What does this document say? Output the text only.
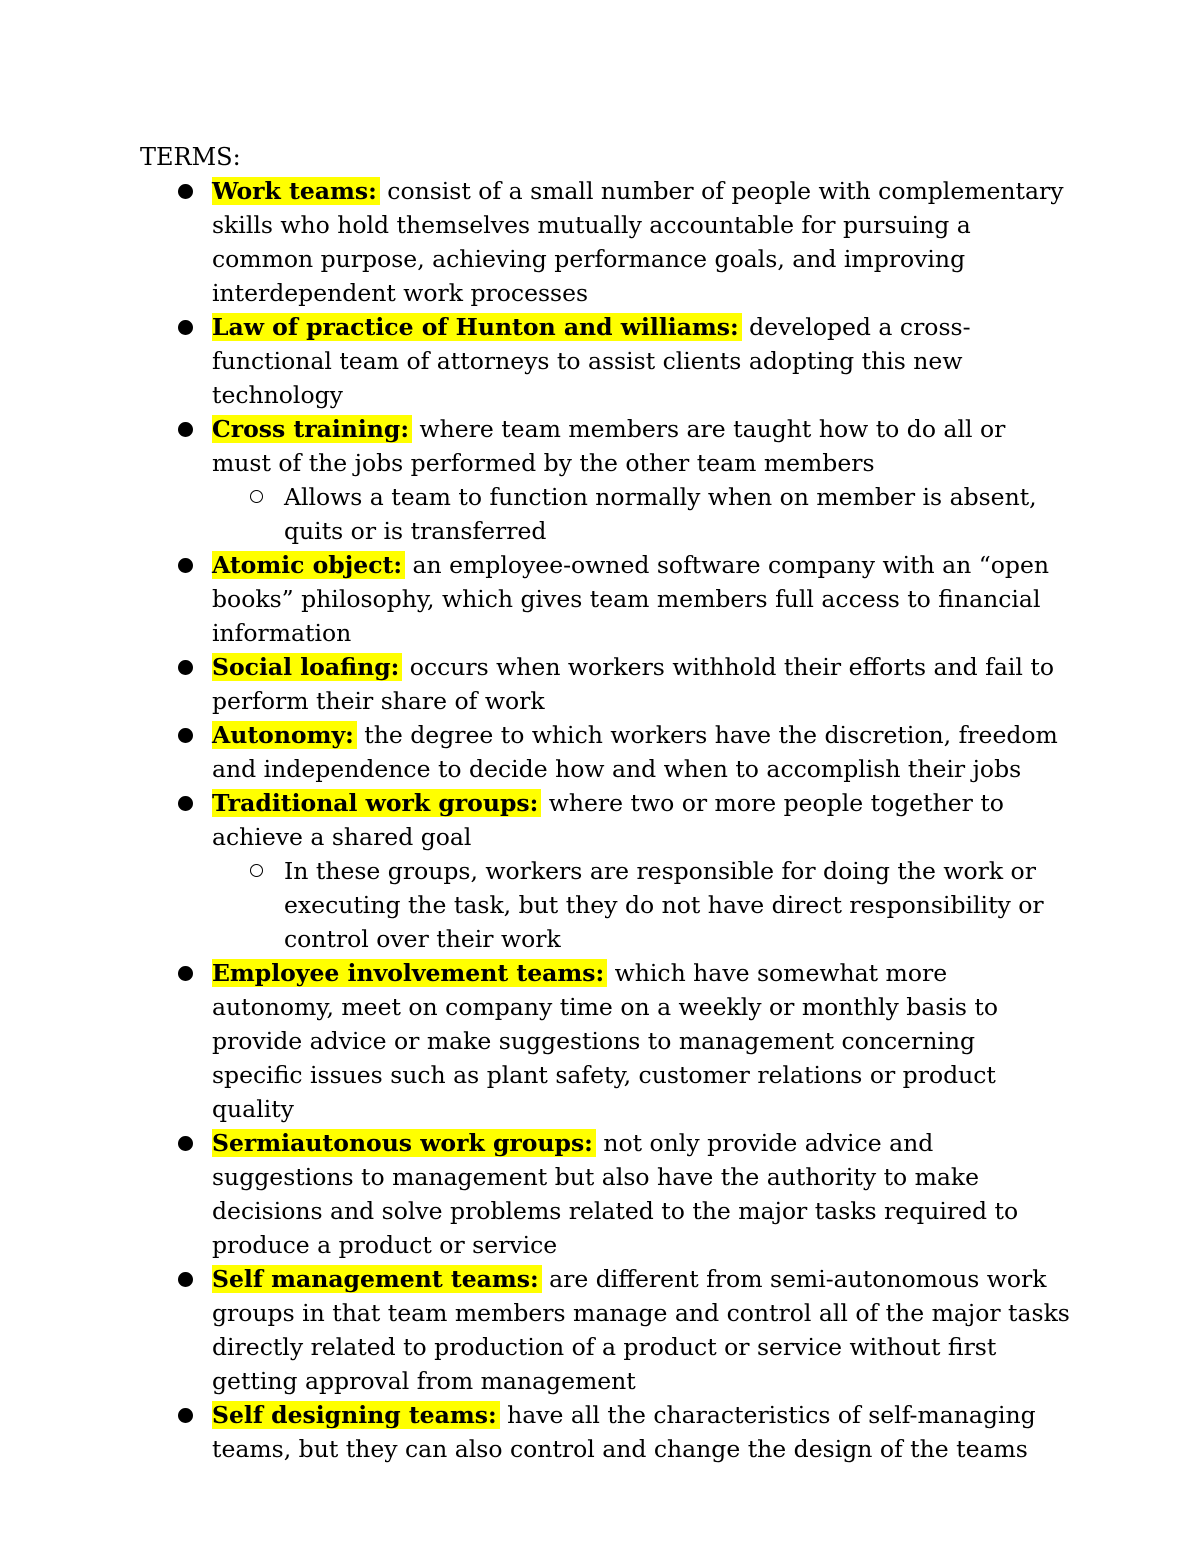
TERMS:

Work teams: consist of a small number of people with complementary skills who hold themselves mutually accountable for pursuing a common purpose, achieving performance goals, and improving interdependent work processes
Law of practice of Hunton and williams: developed a cross-functional team of attorneys to assist clients adopting this new technology
Cross training: where team members are taught how to do all or must of the jobs performed by the other team members
Allows a team to function normally when on member is absent, quits or is transferred
Atomic object: an employee-owned software company with an “open books” philosophy, which gives team members full access to financial information
Social loafing: occurs when workers withhold their efforts and fail to perform their share of work
Autonomy: the degree to which workers have the discretion, freedom and independence to decide how and when to accomplish their jobs
Traditional work groups: where two or more people together to achieve a shared goal
In these groups, workers are responsible for doing the work or executing the task, but they do not have direct responsibility or control over their work
Employee involvement teams: which have somewhat more autonomy, meet on company time on a weekly or monthly basis to provide advice or make suggestions to management concerning specific issues such as plant safety, customer relations or product quality
Sermiautonous work groups: not only provide advice and suggestions to management but also have the authority to make decisions and solve problems related to the major tasks required to produce a product or service
Self management teams: are different from semi-autonomous work groups in that team members manage and control all of the major tasks directly related to production of a product or service without first getting approval from management
Self designing teams: have all the characteristics of self-managing teams, but they can also control and change the design of the teams
